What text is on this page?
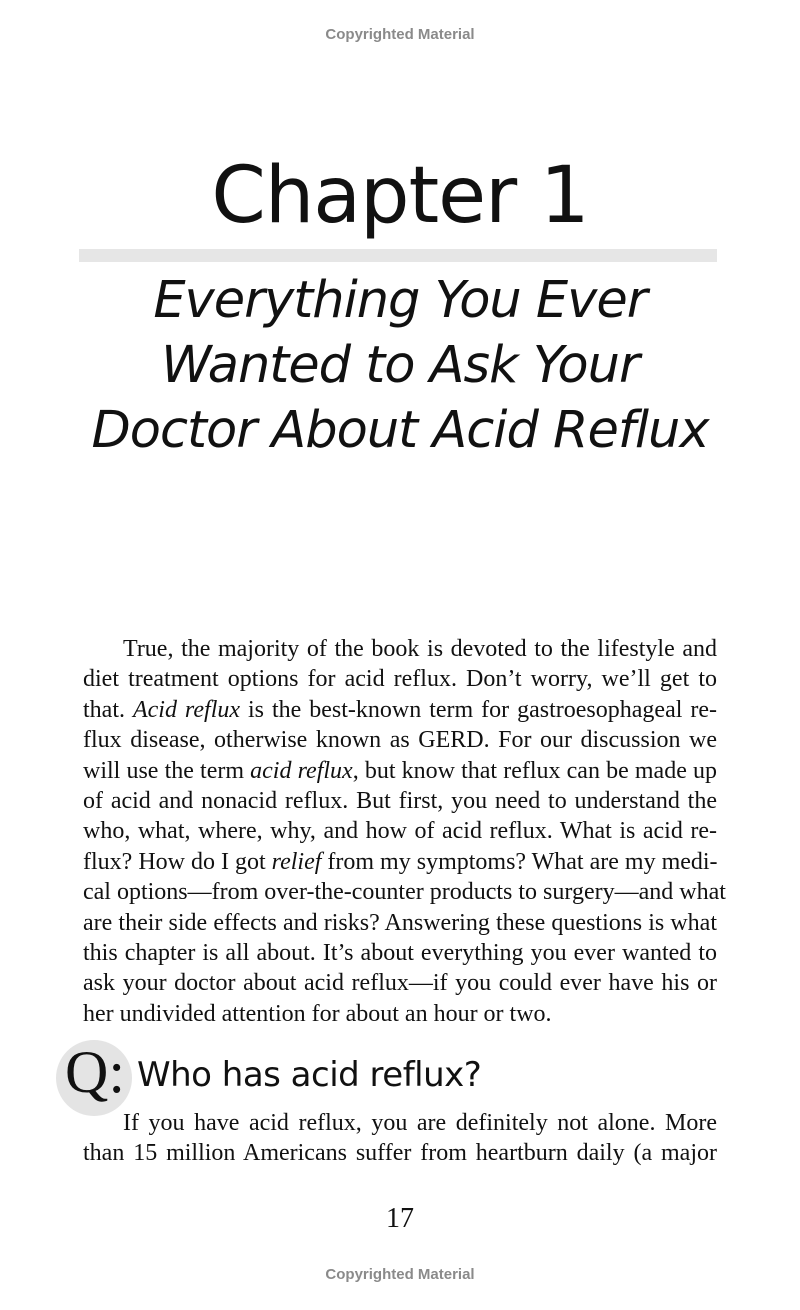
Copyrighted Material
Chapter 1
Everything You Ever
Wanted to Ask Your
Doctor About Acid Reflux

True, the majority of the book is devoted to the lifestyle and
diet treatment options for acid reflux. Don’t worry, we’ll get to
that. Acid reflux is the best-known term for gastroesophageal re-
flux disease, otherwise known as GERD. For our discussion we
will use the term acid reflux, but know that reflux can be made up
of acid and nonacid reflux. But first, you need to understand the
who, what, where, why, and how of acid reflux. What is acid re-
flux? How do I got relief from my symptoms? What are my medi-
cal options—from over-the-counter products to surgery—and what
are their side effects and risks? Answering these questions is what
this chapter is all about. It’s about everything you ever wanted to
ask your doctor about acid reflux—if you could ever have his or
her undivided attention for about an hour or two.

Q: Who has acid reflux?

If you have acid reflux, you are definitely not alone. More
than 15 million Americans suffer from heartburn daily (a major

17
Copyrighted Material
